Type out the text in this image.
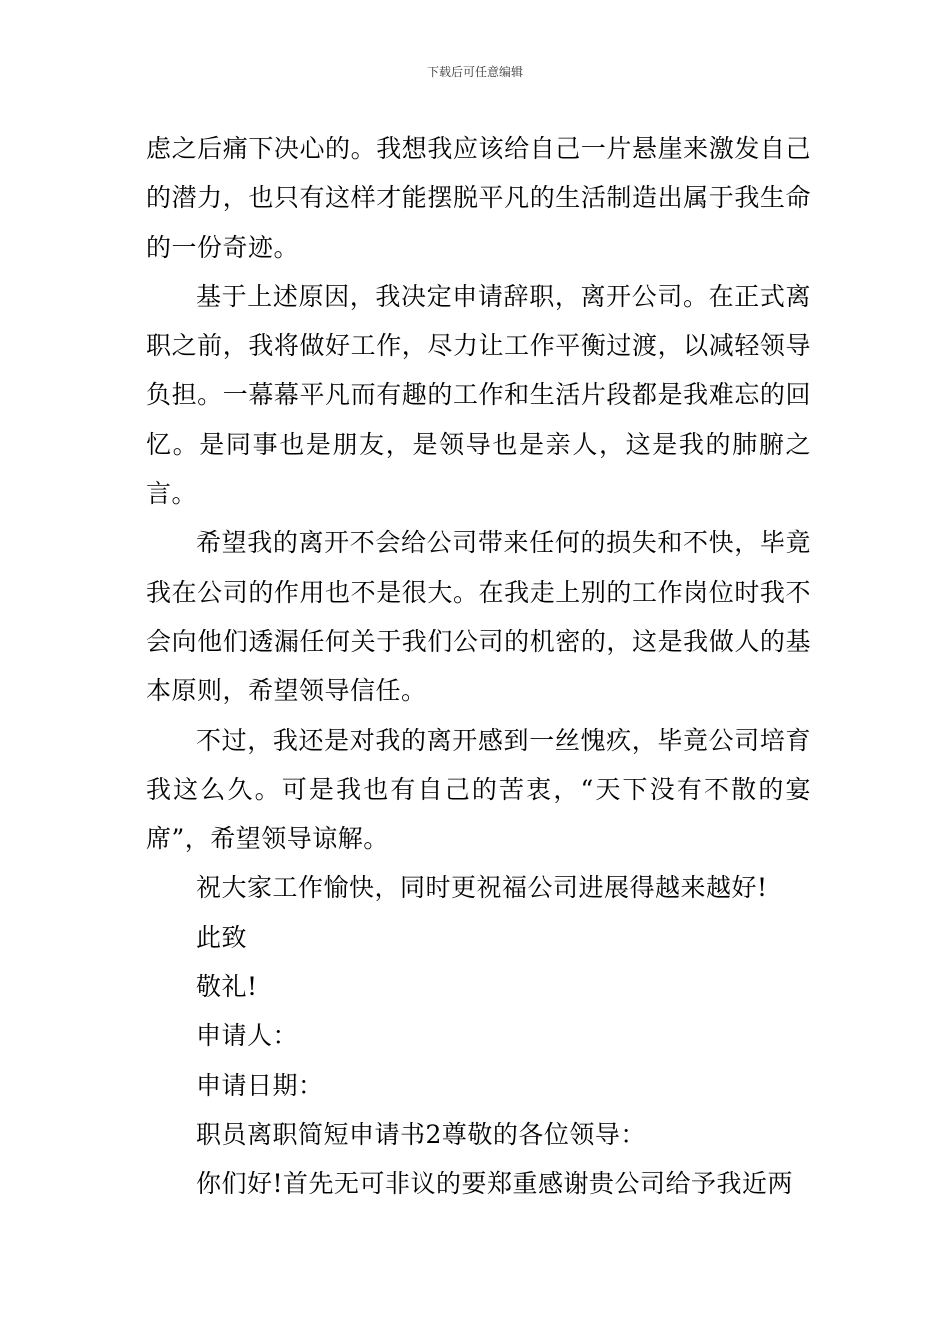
下载后可任意编辑

虑之后痛下决心的。我想我应该给自己一片悬崖来激发自己的潜力，也只有这样才能摆脱平凡的生活制造出属于我生命的一份奇迹。

基于上述原因，我决定申请辞职，离开公司。在正式离职之前，我将做好工作，尽力让工作平衡过渡，以减轻领导负担。一幕幕平凡而有趣的工作和生活片段都是我难忘的回忆。是同事也是朋友，是领导也是亲人，这是我的肺腑之言。

希望我的离开不会给公司带来任何的损失和不快，毕竟我在公司的作用也不是很大。在我走上别的工作岗位时我不会向他们透漏任何关于我们公司的机密的，这是我做人的基本原则，希望领导信任。

不过，我还是对我的离开感到一丝愧疚，毕竟公司培育我这么久。可是我也有自己的苦衷，“天下没有不散的宴席”，希望领导谅解。

祝大家工作愉快，同时更祝福公司进展得越来越好!

此致

敬礼!

申请人：

申请日期：

职员离职简短申请书2尊敬的各位领导：

你们好!首先无可非议的要郑重感谢贵公司给予我近两
